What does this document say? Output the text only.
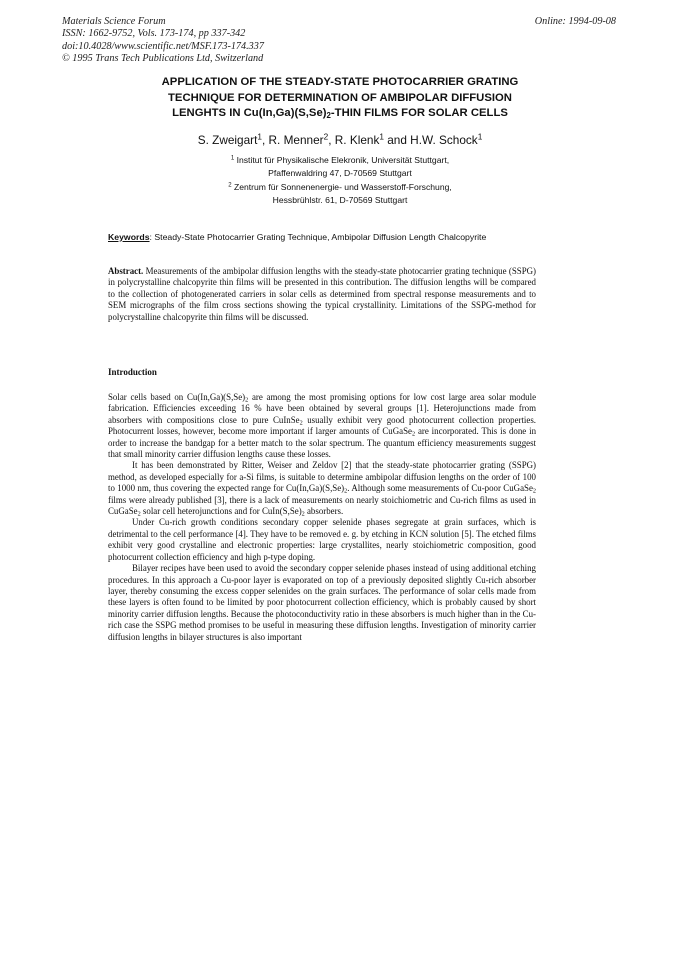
Materials Science Forum
ISSN: 1662-9752, Vols. 173-174, pp 337-342
doi:10.4028/www.scientific.net/MSF.173-174.337
© 1995 Trans Tech Publications Ltd, Switzerland
Online: 1994-09-08
APPLICATION OF THE STEADY-STATE PHOTOCARRIER GRATING
TECHNIQUE FOR DETERMINATION OF AMBIPOLAR DIFFUSION
LENGHTS IN $Cu(In,Ga)(S,Se)_2$-THIN FILMS FOR SOLAR CELLS
S. Zweigart$^1$, R. Menner$^2$, R. Klenk$^1$ and H.W. Schock$^1$
$^1$ Institut für Physikalische Elekronik, Universität Stuttgart,
Pfaffenwaldring 47, D-70569 Stuttgart
$^2$ Zentrum für Sonnenenergie- und Wasserstoff-Forschung,
Hessbrühlstr. 61, D-70569 Stuttgart
Keywords: Steady-State Photocarrier Grating Technique, Ambipolar Diffusion Length Chalcopyrite
Abstract. Measurements of the ambipolar diffusion lengths with the steady-state photocarrier grating technique (SSPG) in polycrystalline chalcopyrite thin films will be presented in this contribution. The diffusion lengths will be compared to the collection of photogenerated carriers in solar cells as determined from spectral response measurements and to SEM micrographs of the film cross sections showing the typical crystallinity. Limitations of the SSPG-method for polycrystalline chalcopyrite thin films will be discussed.
Introduction

Solar cells based on $Cu(In,Ga)(S,Se)_2$ are among the most promising options for low cost large area solar module fabrication. Efficiencies exceeding 16 % have been obtained by several groups [1]. Heterojunctions made from absorbers with compositions close to pure CuInSe$_2$ usually exhibit very good photocurrent collection properties. Photocurrent losses, however, become more important if larger amounts of CuGaSe$_2$ are incorporated. This is done in order to increase the bandgap for a better match to the solar spectrum. The quantum efficiency measurements suggest that small minority carrier diffusion lengths cause these losses.

It has been demonstrated by Ritter, Weiser and Zeldov [2] that the steady-state photocarrier grating (SSPG) method, as developed especially for a-Si films, is suitable to determine ambipolar diffusion lengths on the order of 100 to 1000 nm, thus covering the expected range for $Cu(In,Ga)(S,Se)_2$. Although some measurements of Cu-poor CuGaSe$_2$ films were already published [3], there is a lack of measurements on nearly stoichiometric and Cu-rich films as used in CuGaSe$_2$ solar cell heterojunctions and for $CuIn(S,Se)_2$ absorbers.

Under Cu-rich growth conditions secondary copper selenide phases segregate at grain surfaces, which is detrimental to the cell performance [4]. They have to be removed e. g. by etching in KCN solution [5]. The etched films exhibit very good crystalline and electronic properties: large crystallites, nearly stoichiometric composition, good photocurrent collection efficiency and high p-type doping.

Bilayer recipes have been used to avoid the secondary copper selenide phases instead of using additional etching procedures. In this approach a Cu-poor layer is evaporated on top of a previously deposited slightly Cu-rich absorber layer, thereby consuming the excess copper selenides on the grain surfaces. The performance of solar cells made from these layers is often found to be limited by poor photocurrent collection efficiency, which is probably caused by short minority carrier diffusion lengths. Because the photoconductivity ratio in these absorbers is much higher than in the Cu-rich case the SSPG method promises to be useful in measuring these diffusion lengths. Investigation of minority carrier diffusion lengths in bilayer structures is also important
